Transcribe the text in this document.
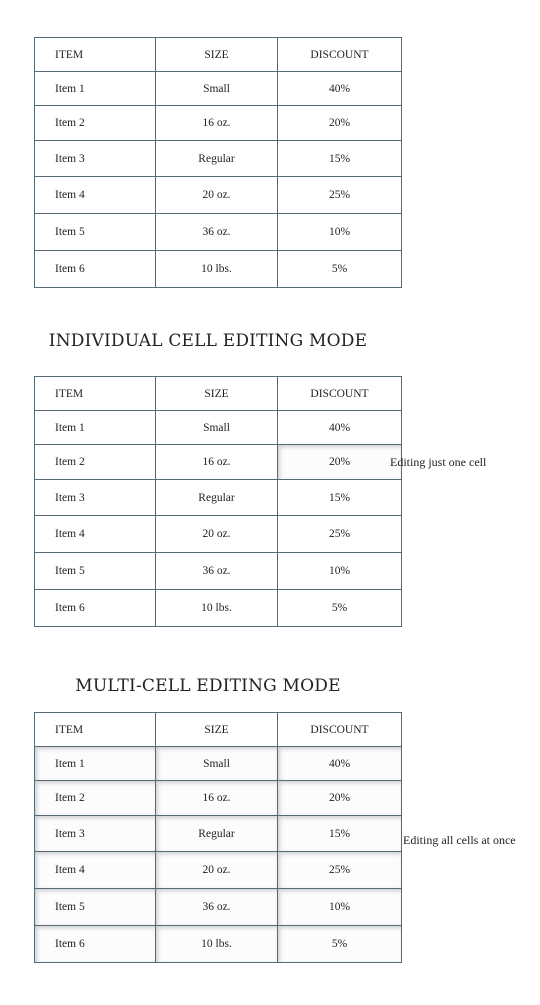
ITEM	SIZE	DISCOUNT
Item 1	Small	40%
Item 2	16 oz.	20%
Item 3	Regular	15%
Item 4	20 oz.	25%
Item 5	36 oz.	10%
Item 6	10 lbs.	5%
INDIVIDUAL CELL EDITING MODE
ITEM	SIZE	DISCOUNT
Item 1	Small	40%
Item 2	16 oz.	20%
Item 3	Regular	15%
Item 4	20 oz.	25%
Item 5	36 oz.	10%
Item 6	10 lbs.	5%
Editing just one cell
MULTI-CELL EDITING MODE
ITEM	SIZE	DISCOUNT
Item 1	Small	40%
Item 2	16 oz.	20%
Item 3	Regular	15%
Item 4	20 oz.	25%
Item 5	36 oz.	10%
Item 6	10 lbs.	5%
Editing all cells at once
